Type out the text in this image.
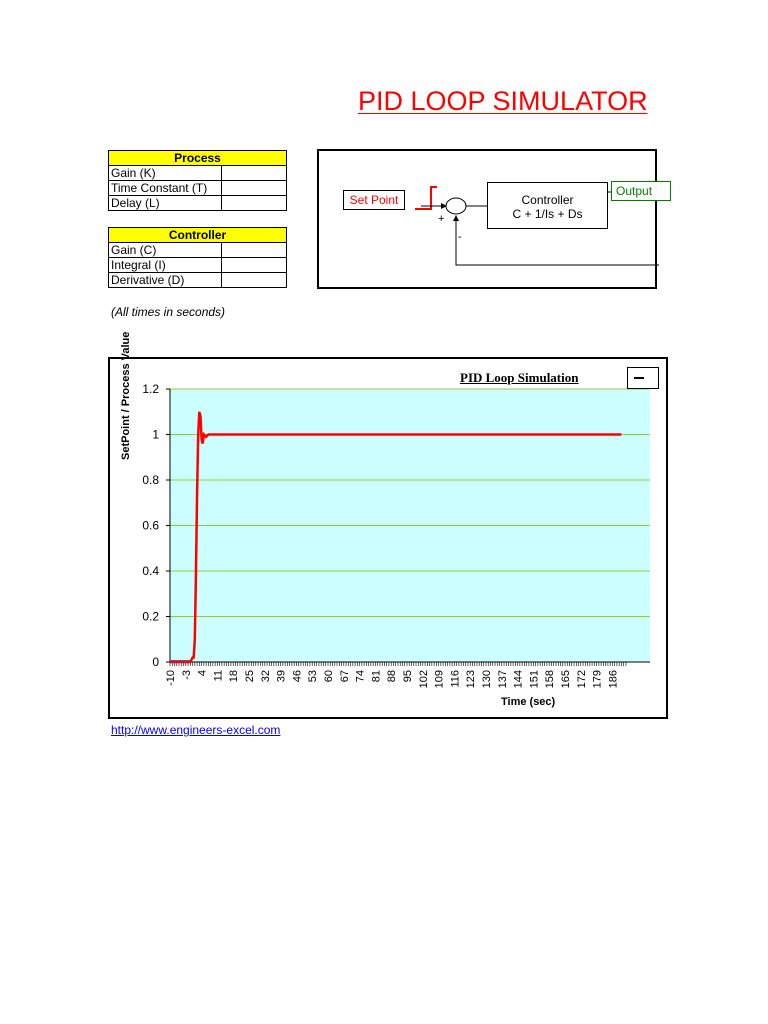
PID LOOP SIMULATOR
Process	
Gain (K)	
Time Constant (T)	
Delay (L)	
Controller	
Gain (C)	
Integral (I)	
Derivative (D)	
(All times in seconds)
+
-
Set Point	Controller
C + 1/Is + Ds
Output
0
0.2
0.4
0.6
0.8
1
1.2
-10 -3 4 11 18 25 32 39 46 53 60 67 74 81 88 95 102 109 116 123 130 137 144 151 158 165 172 179 186
SetPoint / Process Value	PID Loop Simulation
Time (sec)
http://www.engineers-excel.com
